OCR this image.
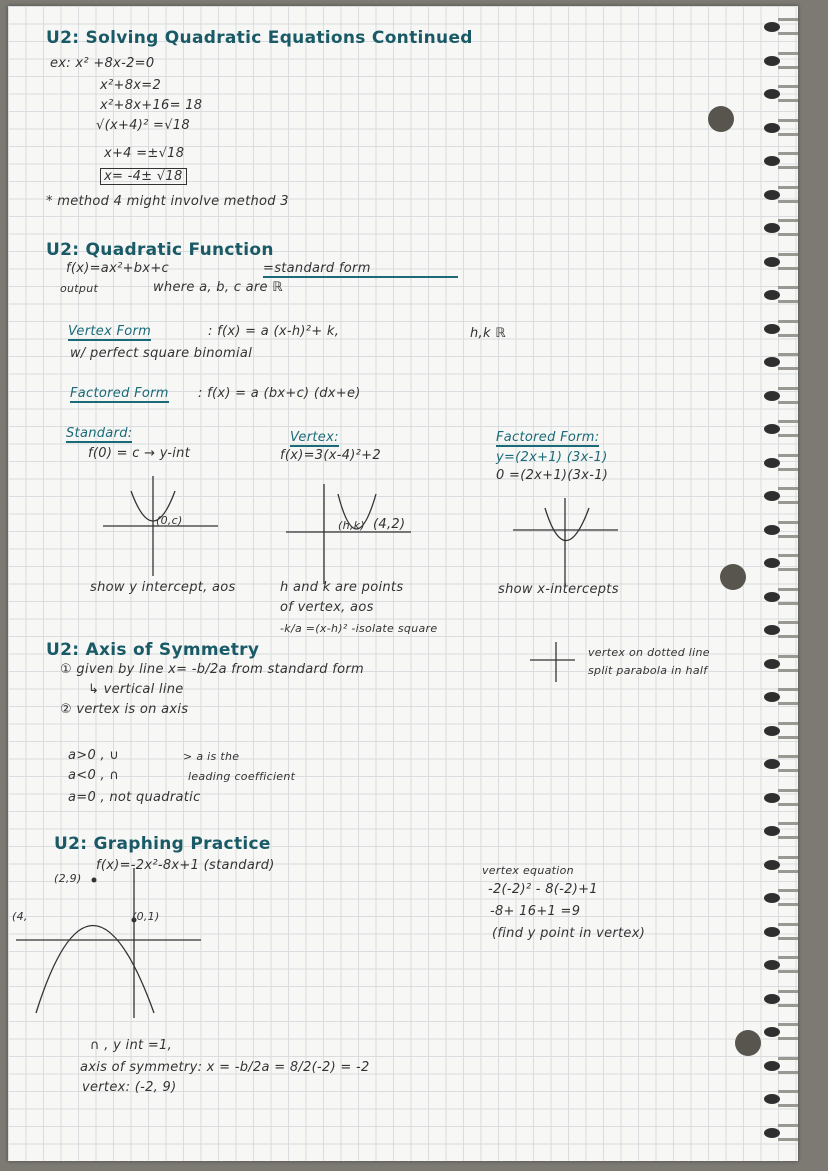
U2: Solving Quadratic Equations Continued
ex: x² +8x-2=0
x²+8x=2
x²+8x+16= 18
√(x+4)² =√18
x+4 =±√18
x= -4± √18
* method 4 might involve method 3
U2: Quadratic Function
f(x)=ax²+bx+c	=standard form
output	where a, b, c are ℝ
Vertex Form	: f(x) = a (x-h)²+ k,	h,k ℝ
w/ perfect square binomial
Factored Form : f(x) = a (bx+c) (dx+e)
Standard:
f(0) = c → y-int
Vertex:
f(x)=3(x-4)²+2
Factored Form:
y=(2x+1) (3x-1)
0 =(2x+1)(3x-1)
(0,c)	(h,k) (4,2)
show y intercept, aos	h and k are points
of vertex, aos
-k/a =(x-h)² -isolate square
show x-intercepts
U2: Axis of Symmetry
① given by line x= -b/2a from standard form
↳ vertical line
② vertex is on axis
vertex on dotted line
split parabola in half
a>0 , ∪
a<0 , ∩
a=0 , not quadratic
> a is the
leading coefficient
U2: Graphing Practice
f(x)=-2x²-8x+1 (standard)
(2,9)
(4,	(0,1)
vertex equation
-2(-2)² - 8(-2)+1
-8+ 16+1 =9
(find y point in vertex)
∩ , y int =1,
axis of symmetry: x = -b/2a = 8/2(-2) = -2
vertex: (-2, 9)
